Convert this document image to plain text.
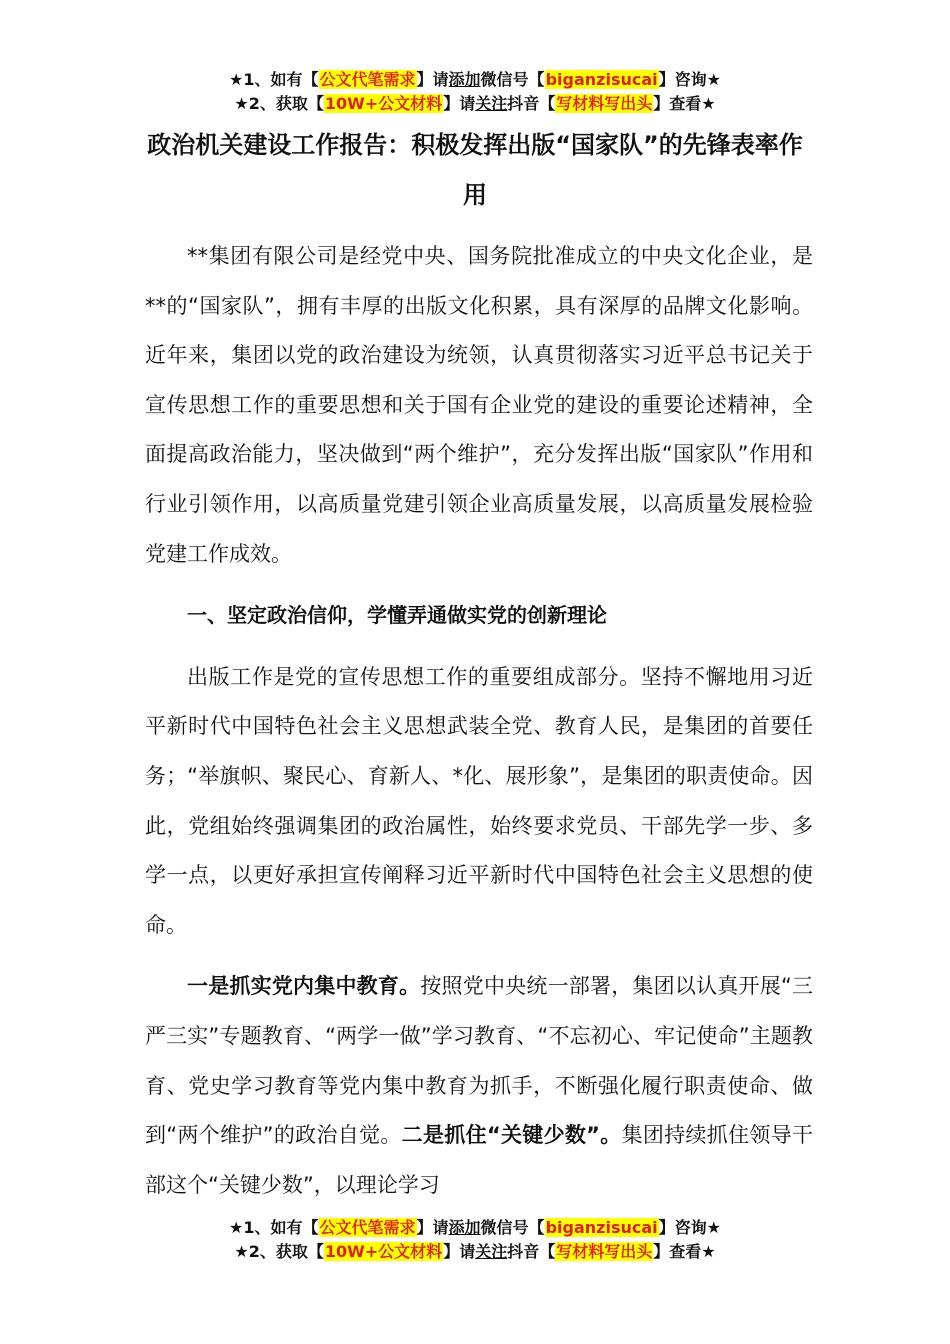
★1、如有【公文代笔需求】请添加微信号【biganzisucai】咨询★
★2、获取【10W+公文材料】请关注抖音【写材料写出头】查看★
政治机关建设工作报告：积极发挥出版“国家队”的先锋表率作用

**集团有限公司是经党中央、国务院批准成立的中央文化企业，是**的“国家队”，拥有丰厚的出版文化积累，具有深厚的品牌文化影响。近年来，集团以党的政治建设为统领，认真贯彻落实习近平总书记关于宣传思想工作的重要思想和关于国有企业党的建设的重要论述精神，全面提高政治能力，坚决做到“两个维护”，充分发挥出版“国家队”作用和行业引领作用，以高质量党建引领企业高质量发展，以高质量发展检验党建工作成效。

一、坚定政治信仰，学懂弄通做实党的创新理论

出版工作是党的宣传思想工作的重要组成部分。坚持不懈地用习近平新时代中国特色社会主义思想武装全党、教育人民，是集团的首要任务；“举旗帜、聚民心、育新人、*化、展形象”，是集团的职责使命。因此，党组始终强调集团的政治属性，始终要求党员、干部先学一步、多学一点，以更好承担宣传阐释习近平新时代中国特色社会主义思想的使命。

一是抓实党内集中教育。按照党中央统一部署，集团以认真开展“三严三实”专题教育、“两学一做”学习教育、“不忘初心、牢记使命”主题教育、党史学习教育等党内集中教育为抓手，不断强化履行职责使命、做到“两个维护”的政治自觉。二是抓住“关键少数”。集团持续抓住领导干部这个“关键少数”，以理论学习

★1、如有【公文代笔需求】请添加微信号【biganzisucai】咨询★
★2、获取【10W+公文材料】请关注抖音【写材料写出头】查看★
